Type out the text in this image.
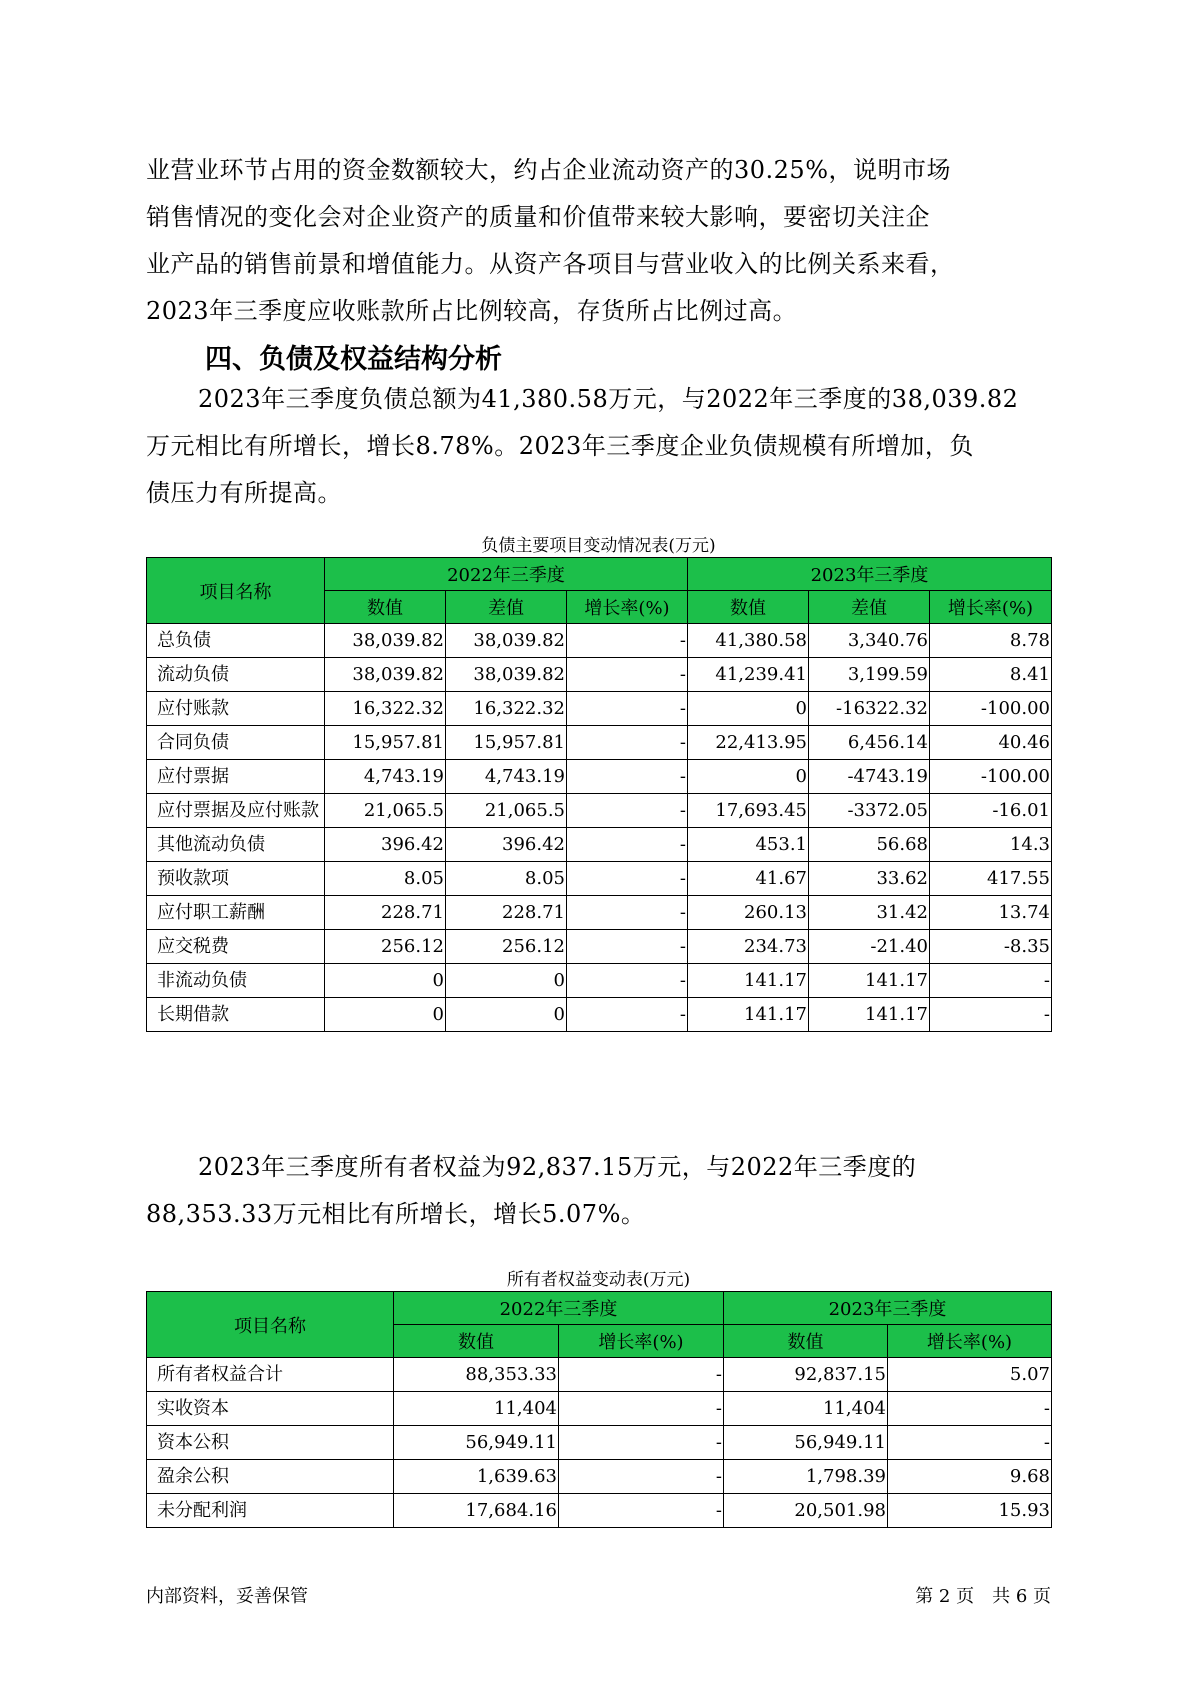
业营业环节占用的资金数额较大，约占企业流动资产的30.25%，说明市场
销售情况的变化会对企业资产的质量和价值带来较大影响，要密切关注企
业产品的销售前景和增值能力。从资产各项目与营业收入的比例关系来看，
2023年三季度应收账款所占比例较高，存货所占比例过高。
四、负债及权益结构分析
2023年三季度负债总额为41,380.58万元，与2022年三季度的38,039.82
万元相比有所增长，增长8.78%。2023年三季度企业负债规模有所增加，负
债压力有所提高。
负债主要项目变动情况表(万元)
项目名称	2022年三季度			2023年三季度		
	数值	差值	增长率(%)	数值	差值	增长率(%)
总负债	38,039.82	38,039.82	-	41,380.58	3,340.76	8.78
流动负债	38,039.82	38,039.82	-	41,239.41	3,199.59	8.41
应付账款	16,322.32	16,322.32	-	0	-16322.32	-100.00
合同负债	15,957.81	15,957.81	-	22,413.95	6,456.14	40.46
应付票据	4,743.19	4,743.19	-	0	-4743.19	-100.00
应付票据及应付账款	21,065.5	21,065.5	-	17,693.45	-3372.05	-16.01
其他流动负债	396.42	396.42	-	453.1	56.68	14.3
预收款项	8.05	8.05	-	41.67	33.62	417.55
应付职工薪酬	228.71	228.71	-	260.13	31.42	13.74
应交税费	256.12	256.12	-	234.73	-21.40	-8.35
非流动负债	0	0	-	141.17	141.17	-
长期借款	0	0	-	141.17	141.17	-
2023年三季度所有者权益为92,837.15万元，与2022年三季度的
88,353.33万元相比有所增长，增长5.07%。
所有者权益变动表(万元)
项目名称	2022年三季度		2023年三季度	
	数值	增长率(%)	数值	增长率(%)
所有者权益合计	88,353.33	-	92,837.15	5.07
实收资本	11,404	-	11,404	-
资本公积	56,949.11	-	56,949.11	-
盈余公积	1,639.63	-	1,798.39	9.68
未分配利润	17,684.16	-	20,501.98	15.93
内部资料，妥善保管	第 2 页　共 6 页
